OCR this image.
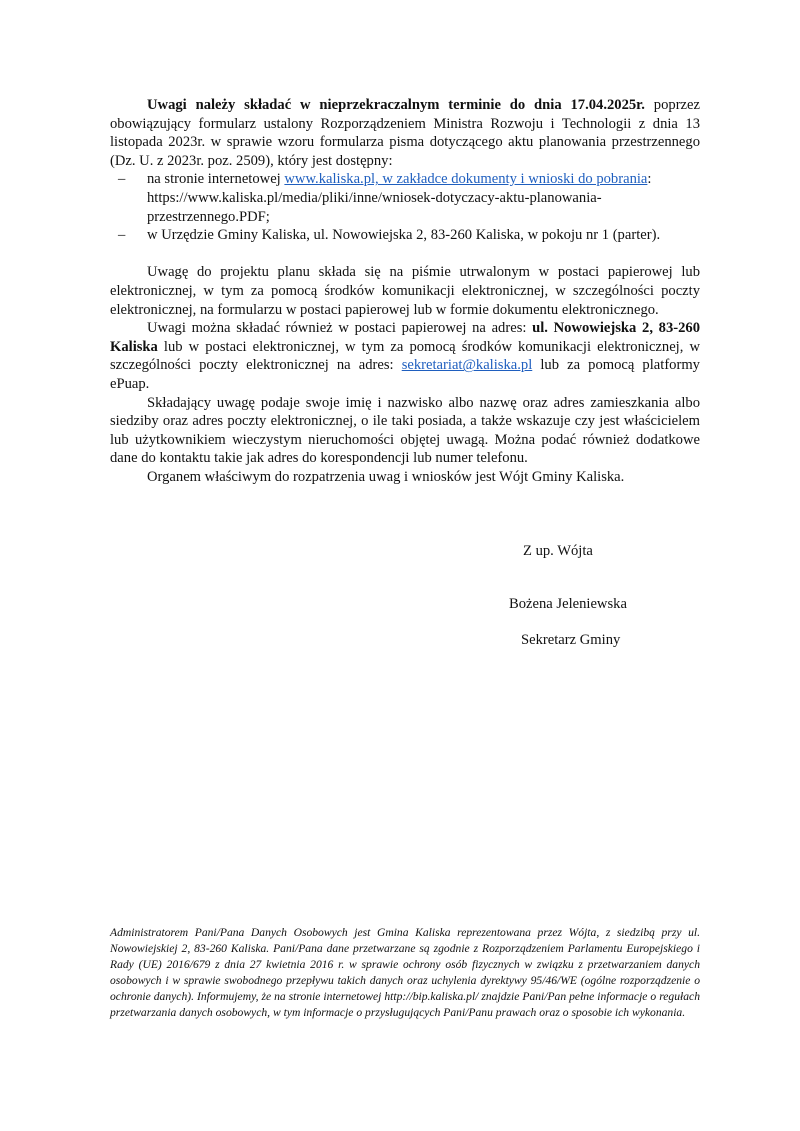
Uwagi należy składać w nieprzekraczalnym terminie do dnia 17.04.2025r. poprzez obowiązujący formularz ustalony Rozporządzeniem Ministra Rozwoju i Technologii z dnia 13 listopada 2023r. w sprawie wzoru formularza pisma dotyczącego aktu planowania przestrzennego (Dz. U. z 2023r. poz. 2509), który jest dostępny:

– na stronie internetowej www.kaliska.pl, w zakładce dokumenty i wnioski do pobrania: https://www.kaliska.pl/media/pliki/inne/wniosek-dotyczacy-aktu-planowania-przestrzennego.PDF;
– w Urzędzie Gminy Kaliska, ul. Nowowiejska 2, 83-260 Kaliska, w pokoju nr 1 (parter).

Uwagę do projektu planu składa się na piśmie utrwalonym w postaci papierowej lub elektronicznej, w tym za pomocą środków komunikacji elektronicznej, w szczególności poczty elektronicznej, na formularzu w postaci papierowej lub w formie dokumentu elektronicznego.

Uwagi można składać również w postaci papierowej na adres: ul. Nowowiejska 2, 83-260 Kaliska lub w postaci elektronicznej, w tym za pomocą środków komunikacji elektronicznej, w szczególności poczty elektronicznej na adres: sekretariat@kaliska.pl lub za pomocą platformy ePuap.

Składający uwagę podaje swoje imię i nazwisko albo nazwę oraz adres zamieszkania albo siedziby oraz adres poczty elektronicznej, o ile taki posiada, a także wskazuje czy jest właścicielem lub użytkownikiem wieczystym nieruchomości objętej uwagą. Można podać również dodatkowe dane do kontaktu takie jak adres do korespondencji lub numer telefonu.

Organem właściwym do rozpatrzenia uwag i wniosków jest Wójt Gminy Kaliska.

Z up. Wójta
Bożena Jeleniewska
Sekretarz Gminy
Administratorem Pani/Pana Danych Osobowych jest Gmina Kaliska reprezentowana przez Wójta, z siedzibą przy ul. Nowowiejskiej 2, 83-260 Kaliska. Pani/Pana dane przetwarzane są zgodnie z Rozporządzeniem Parlamentu Europejskiego i Rady (UE) 2016/679 z dnia 27 kwietnia 2016 r. w sprawie ochrony osób fizycznych w związku z przetwarzaniem danych osobowych i w sprawie swobodnego przepływu takich danych oraz uchylenia dyrektywy 95/46/WE (ogólne rozporządzenie o ochronie danych). Informujemy, że na stronie internetowej http://bip.kaliska.pl/ znajdzie Pani/Pan pełne informacje o regułach przetwarzania danych osobowych, w tym informacje o przysługujących Pani/Panu prawach oraz o sposobie ich wykonania.
